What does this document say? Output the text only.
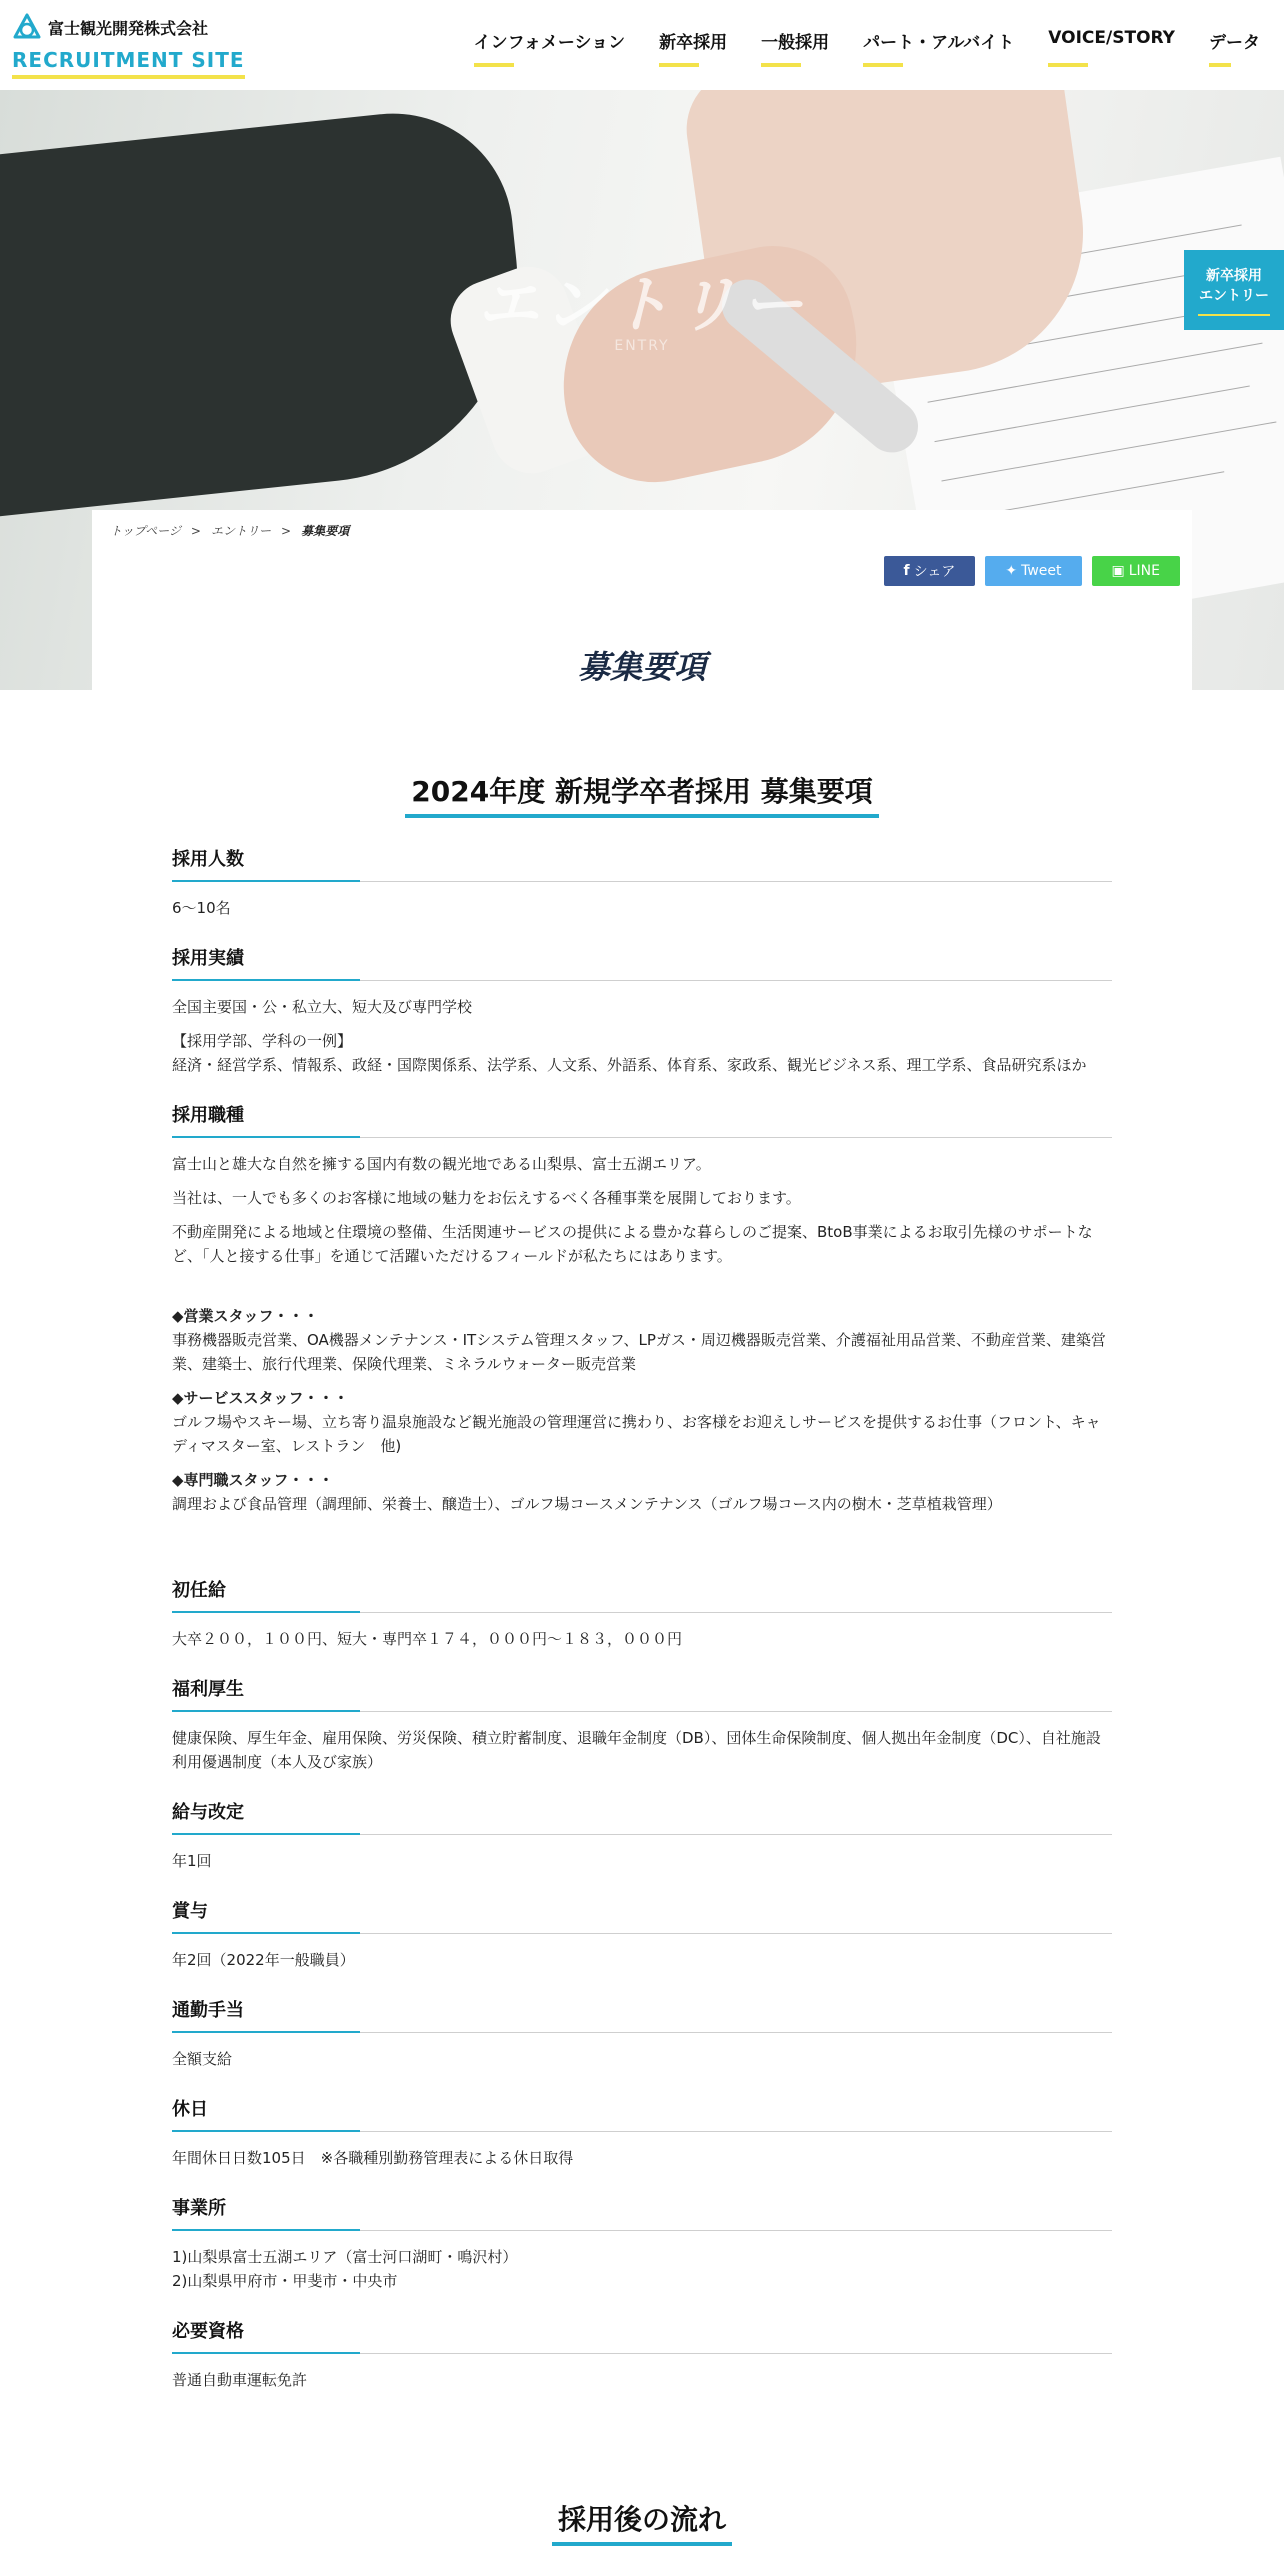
富士観光開発株式会社
RECRUITMENT SITE
インフォメーション 新卒採用 一般採用 パート・アルバイト VOICE/STORY データ
エントリー
ENTRY
新卒採用
エントリー
トップページ > エントリー > 募集要項
f シェア	✦ Tweet	▣ LINE
募集要項
2024年度 新規学卒者採用 募集要項
採用人数

6～10名

採用実績

全国主要国・公・私立大、短大及び専門学校

【採用学部、学科の一例】
経済・経営学系、情報系、政経・国際関係系、法学系、人文系、外語系、体育系、家政系、観光ビジネス系、理工学系、食品研究系ほか

採用職種

富士山と雄大な自然を擁する国内有数の観光地である山梨県、富士五湖エリア。

当社は、一人でも多くのお客様に地域の魅力をお伝えするべく各種事業を展開しております。

不動産開発による地域と住環境の整備、生活関連サービスの提供による豊かな暮らしのご提案、BtoB事業によるお取引先様のサポートなど、「人と接する仕事」を通じて活躍いただけるフィールドが私たちにはあります。

◆営業スタッフ・・・
事務機器販売営業、OA機器メンテナンス・ITシステム管理スタッフ、LPガス・周辺機器販売営業、介護福祉用品営業、不動産営業、建築営業、建築士、旅行代理業、保険代理業、ミネラルウォーター販売営業

◆サービススタッフ・・・
ゴルフ場やスキー場、立ち寄り温泉施設など観光施設の管理運営に携わり、お客様をお迎えしサービスを提供するお仕事（フロント、キャディマスター室、レストラン　他)

◆専門職スタッフ・・・
調理および食品管理（調理師、栄養士、醸造士）、ゴルフ場コースメンテナンス（ゴルフ場コース内の樹木・芝草植栽管理）

初任給

大卒２００，１００円、短大・専門卒１７４，０００円～１８３，０００円

福利厚生

健康保険、厚生年金、雇用保険、労災保険、積立貯蓄制度、退職年金制度（DB）、団体生命保険制度、個人拠出年金制度（DC）、自社施設利用優遇制度（本人及び家族）

給与改定

年1回

賞与

年2回（2022年一般職員）

通勤手当

全額支給

休日

年間休日日数105日　※各職種別勤務管理表による休日取得

事業所

1)山梨県富士五湖エリア（富士河口湖町・鳴沢村）
2)山梨県甲府市・甲斐市・中央市

必要資格

普通自動車運転免許

採用後の流れ
